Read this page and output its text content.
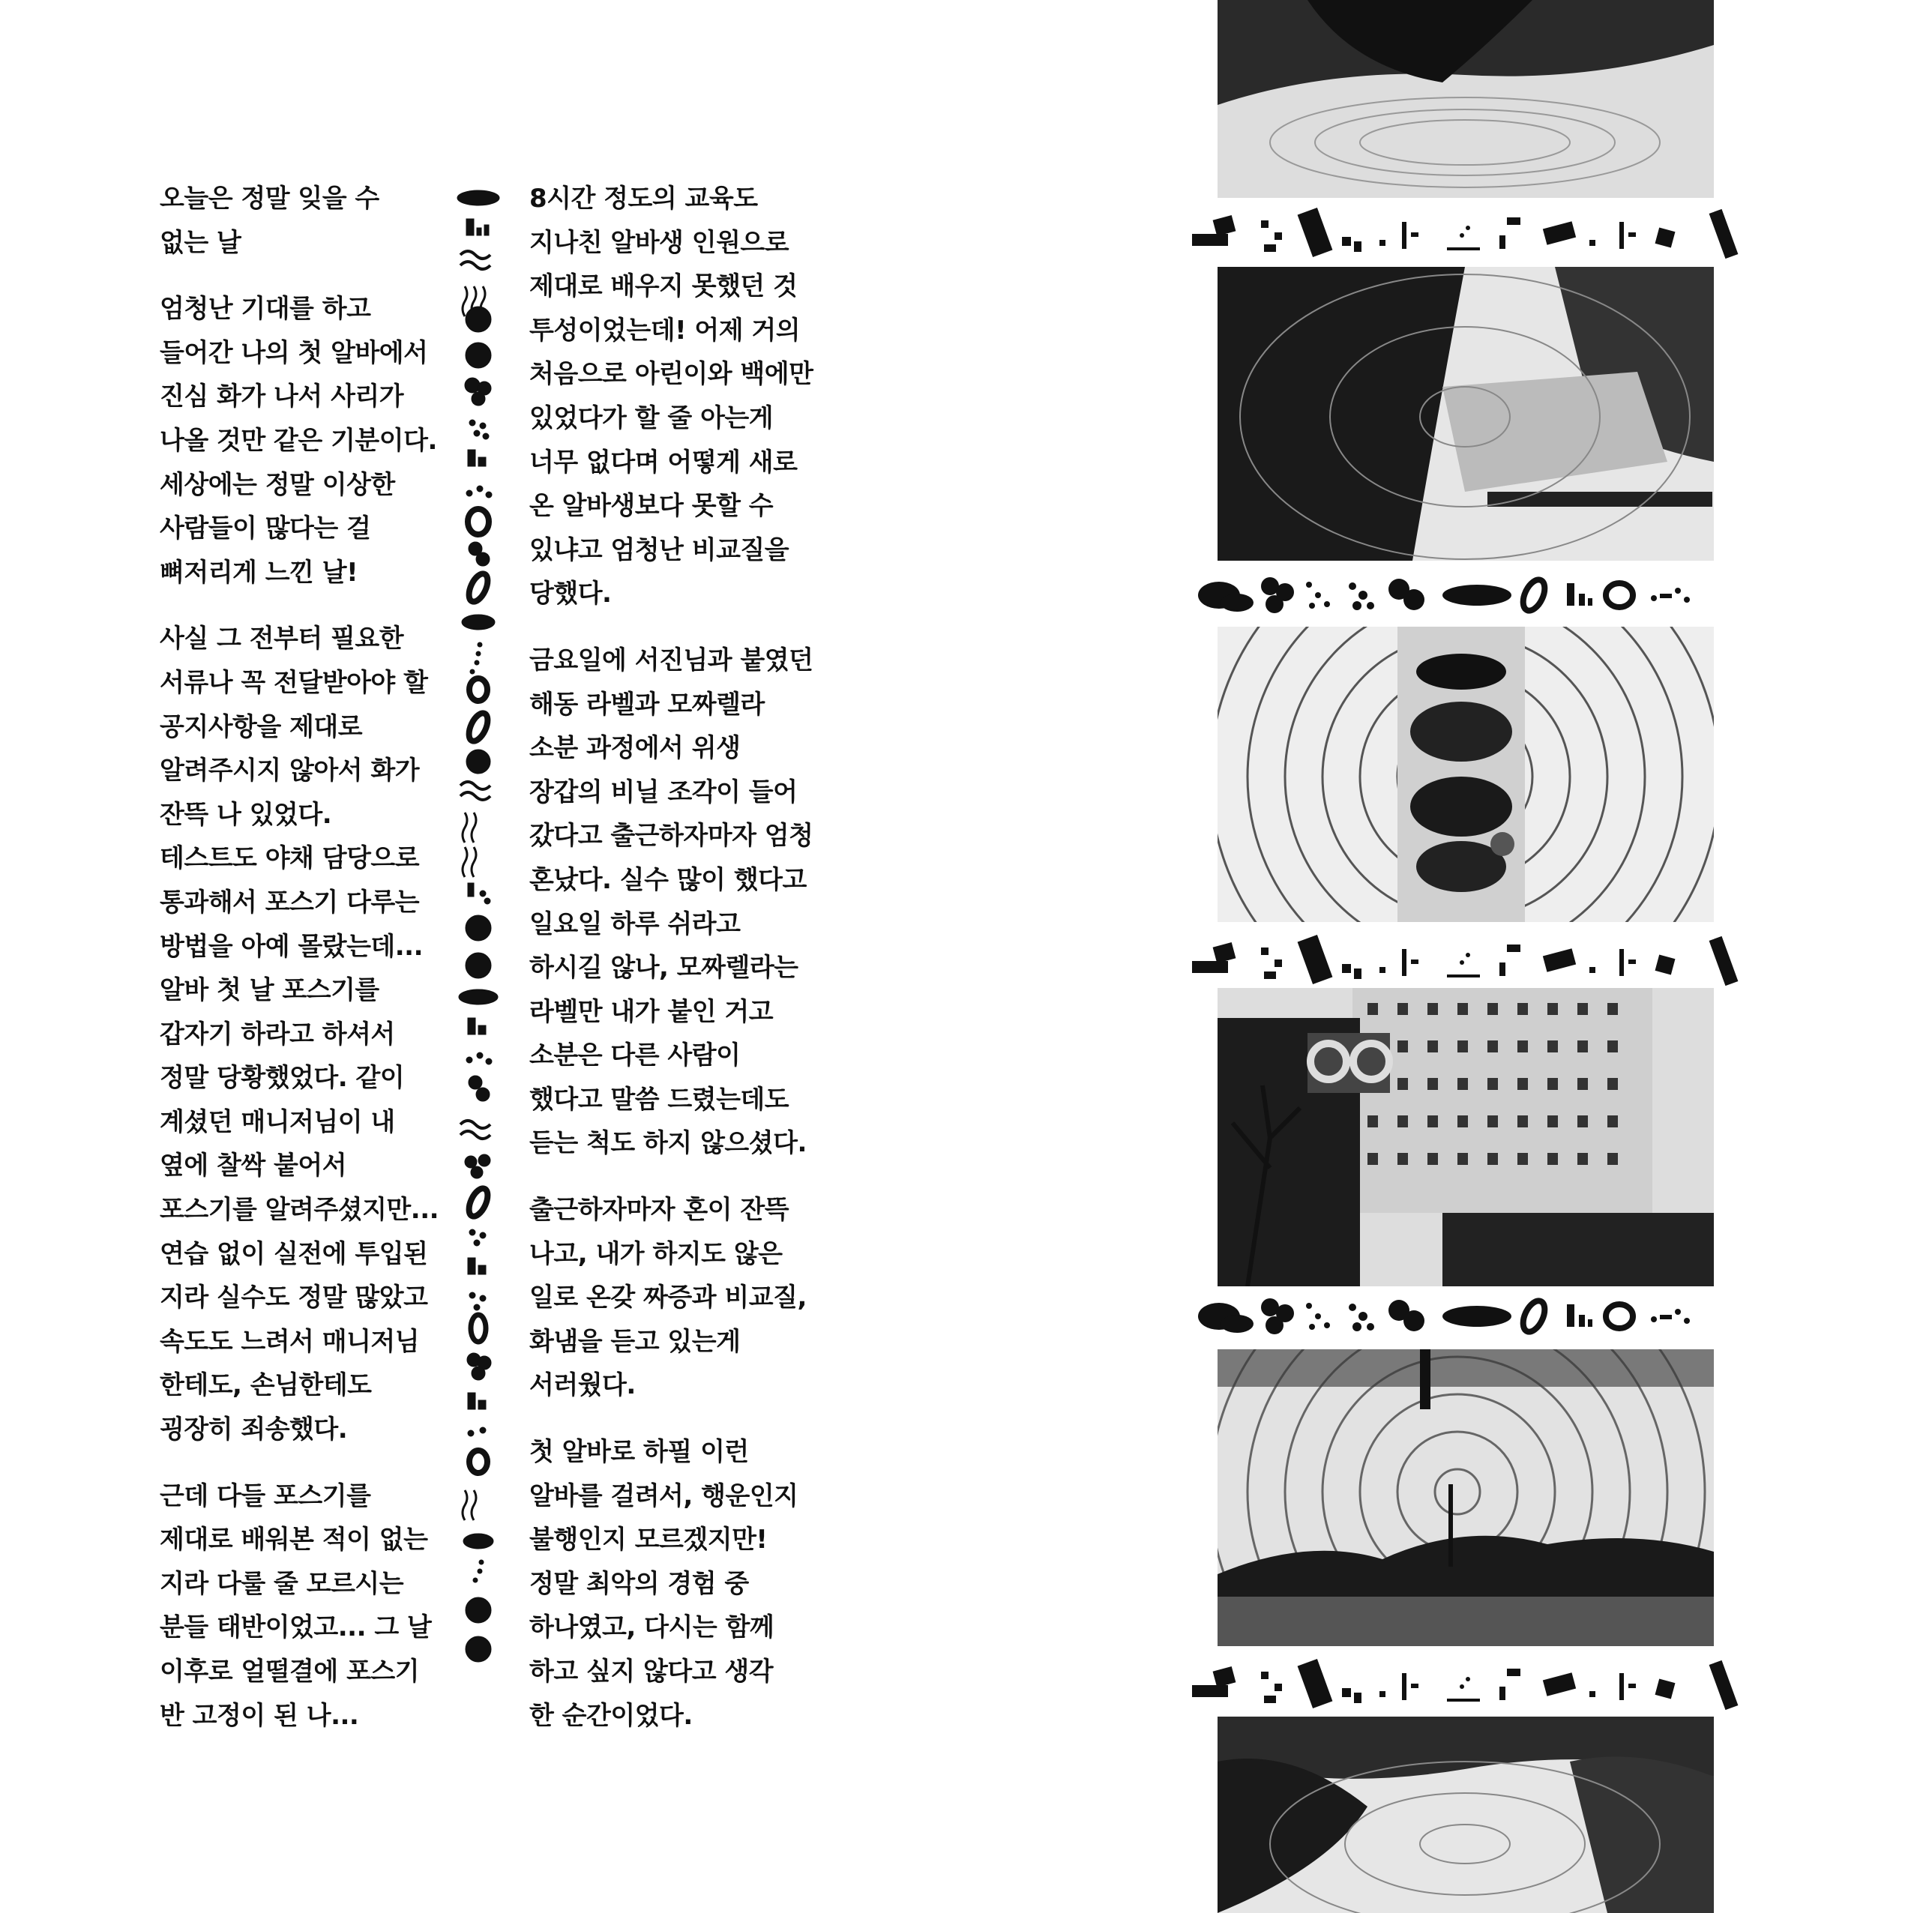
오늘은 정말 잊을 수
없는 날
엄청난 기대를 하고
들어간 나의 첫 알바에서
진심 화가 나서 사리가
나올 것만 같은 기분이다.
세상에는 정말 이상한
사람들이 많다는 걸
뼈저리게 느낀 날!
사실 그 전부터 필요한
서류나 꼭 전달받아야 할
공지사항을 제대로
알려주시지 않아서 화가
잔뜩 나 있었다.
테스트도 야채 담당으로
통과해서 포스기 다루는
방법을 아예 몰랐는데...
알바 첫 날 포스기를
갑자기 하라고 하셔서
정말 당황했었다. 같이
계셨던 매니저님이 내
옆에 찰싹 붙어서
포스기를 알려주셨지만...
연습 없이 실전에 투입된
지라 실수도 정말 많았고
속도도 느려서 매니저님
한테도, 손님한테도
굉장히 죄송했다.
근데 다들 포스기를
제대로 배워본 적이 없는
지라 다룰 줄 모르시는
분들 태반이었고... 그 날
이후로 얼떨결에 포스기
반 고정이 된 나...
8시간 정도의 교육도
지나친 알바생 인원으로
제대로 배우지 못했던 것
투성이었는데! 어제 거의
처음으로 아린이와 백에만
있었다가 할 줄 아는게
너무 없다며 어떻게 새로
온 알바생보다 못할 수
있냐고 엄청난 비교질을
당했다.
금요일에 서진님과 붙였던
해동 라벨과 모짜렐라
소분 과정에서 위생
장갑의 비닐 조각이 들어
갔다고 출근하자마자 엄청
혼났다. 실수 많이 했다고
일요일 하루 쉬라고
하시길 않나, 모짜렐라는
라벨만 내가 붙인 거고
소분은 다른 사람이
했다고 말씀 드렸는데도
듣는 척도 하지 않으셨다.
출근하자마자 혼이 잔뜩
나고, 내가 하지도 않은
일로 온갖 짜증과 비교질,
화냄을 듣고 있는게
서러웠다.
첫 알바로 하필 이런
알바를 걸려서, 행운인지
불행인지 모르겠지만!
정말 최악의 경험 중
하나였고, 다시는 함께
하고 싶지 않다고 생각
한 순간이었다.
